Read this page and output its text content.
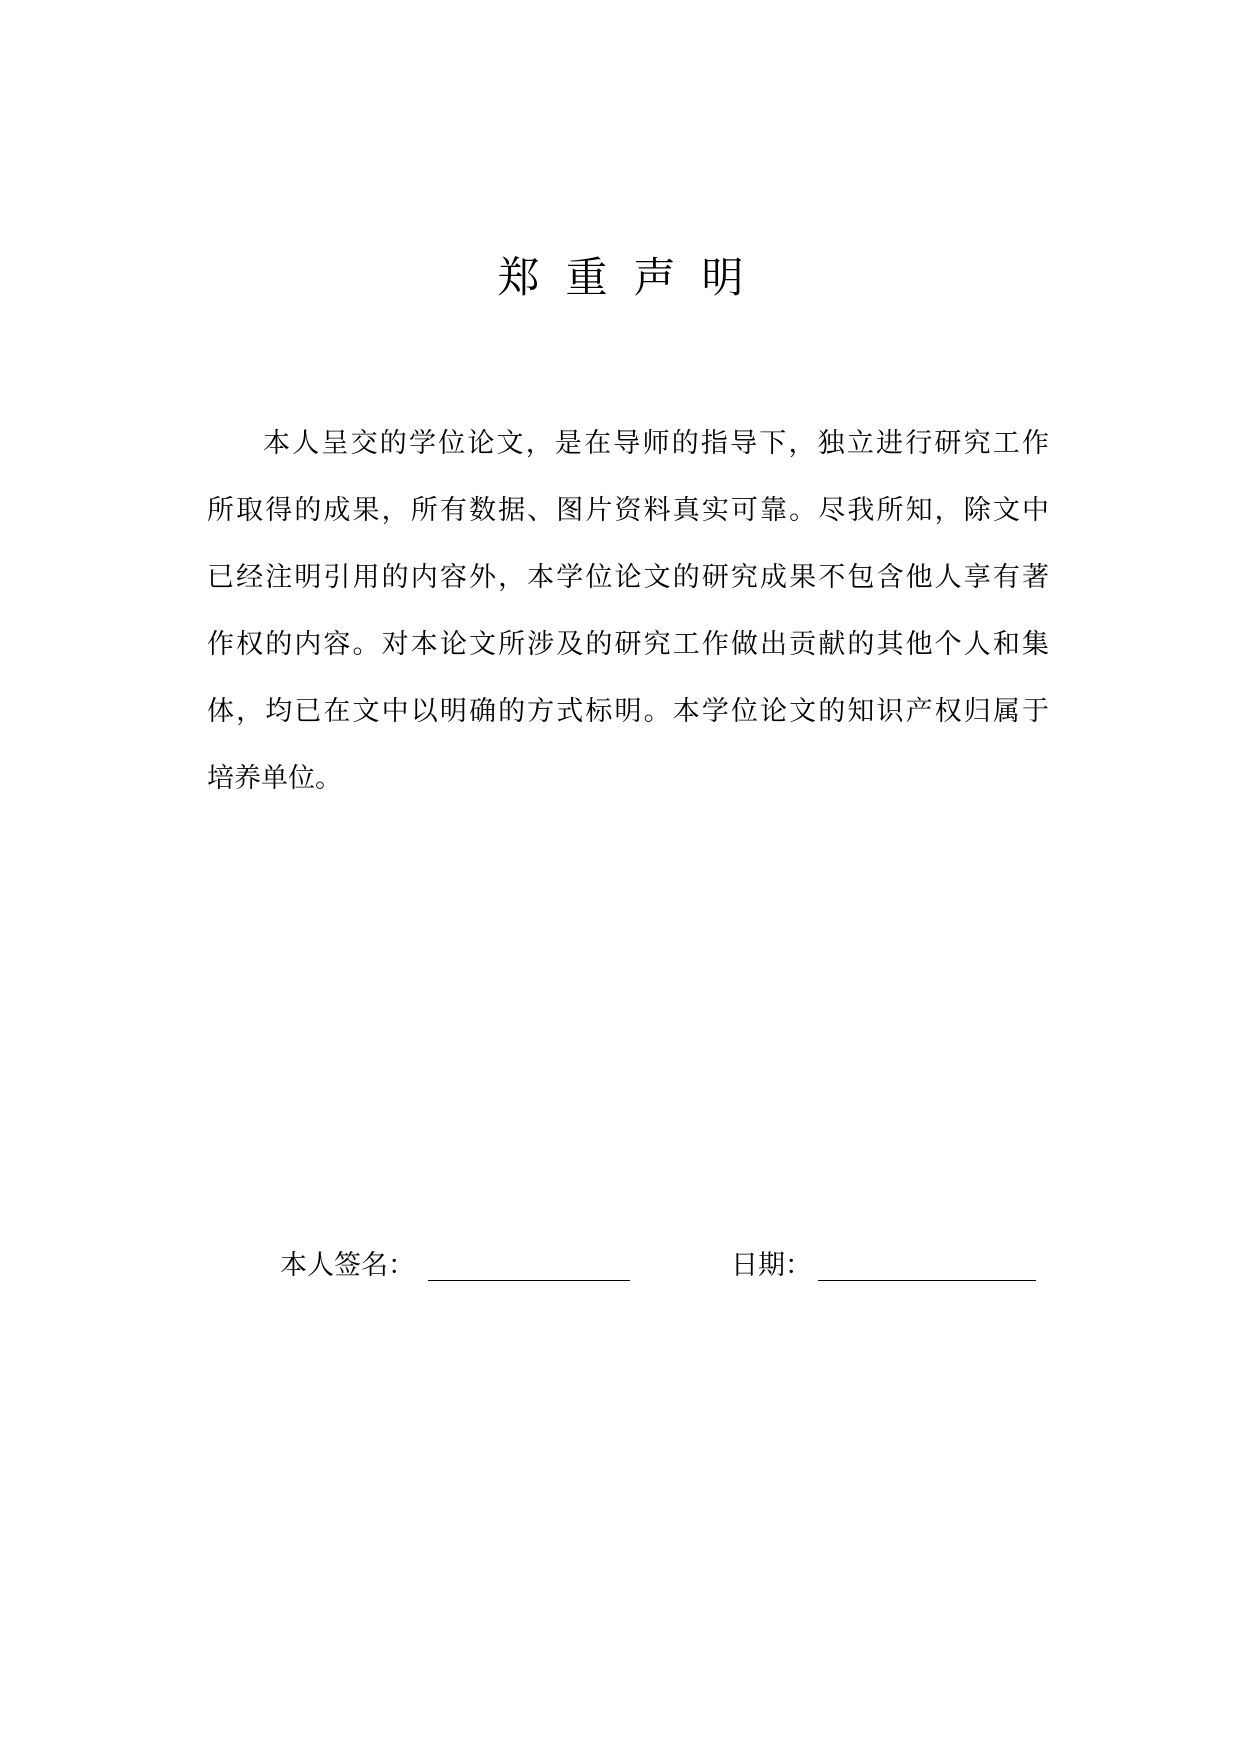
郑 重 声 明
本人呈交的学位论文，是在导师的指导下，独立进行研究工作
所取得的成果，所有数据、图片资料真实可靠。尽我所知，除文中
已经注明引用的内容外，本学位论文的研究成果不包含他人享有著
作权的内容。对本论文所涉及的研究工作做出贡献的其他个人和集
体，均已在文中以明确的方式标明。本学位论文的知识产权归属于
培养单位。
本人签名：	日期：
